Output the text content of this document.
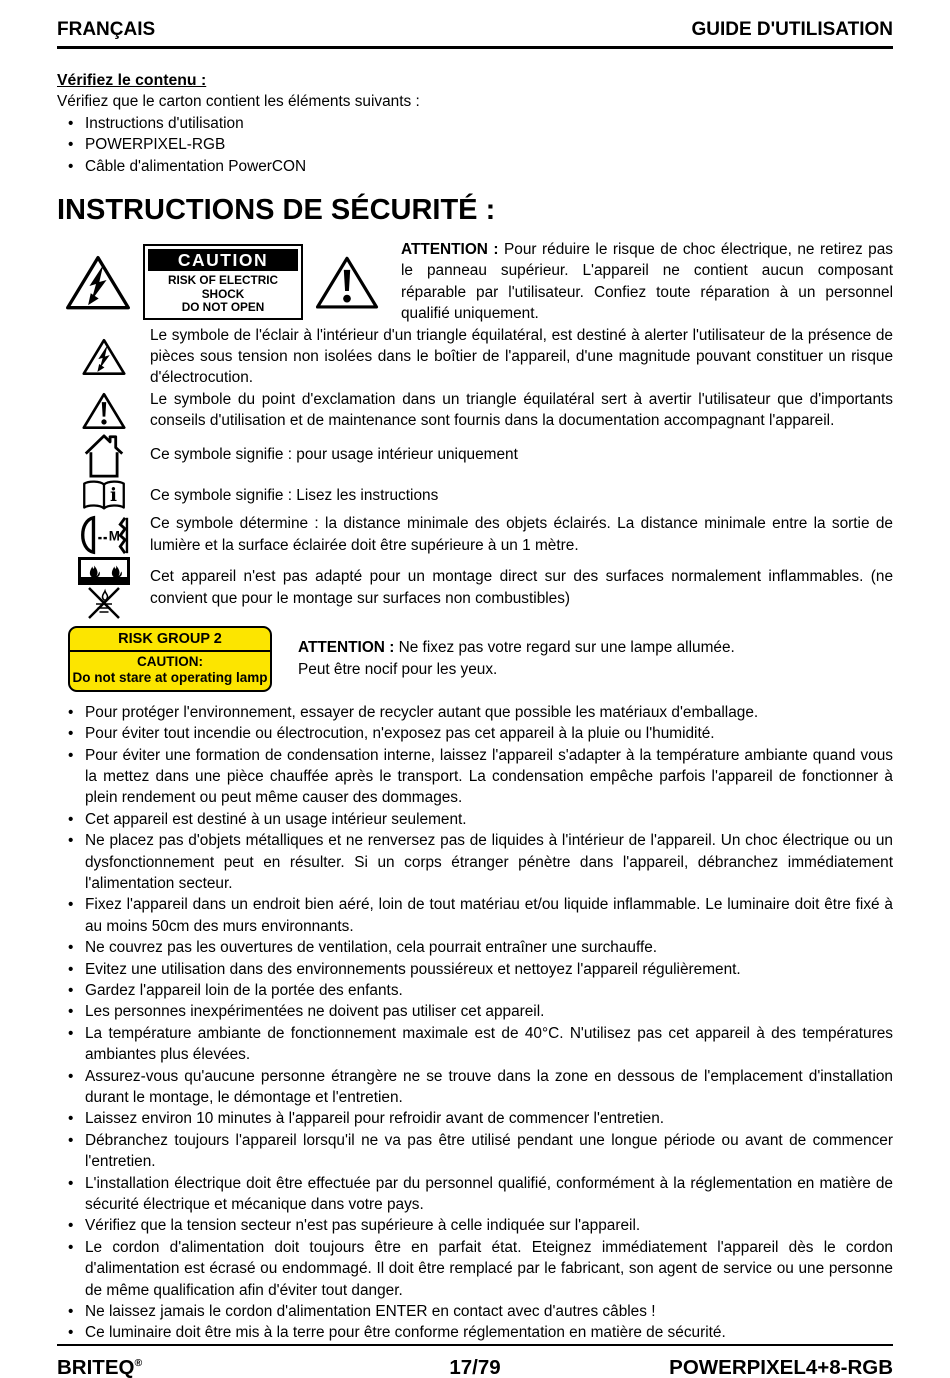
FRANÇAIS	GUIDE D'UTILISATION
Vérifiez le contenu :
Vérifiez que le carton contient les éléments suivants :
• Instructions d'utilisation
• POWERPIXEL-RGB
• Câble d'alimentation PowerCON
INSTRUCTIONS DE SÉCURITÉ :
CAUTION
RISK OF ELECTRIC SHOCK
DO NOT OPEN
ATTENTION : Pour réduire le risque de choc électrique, ne retirez pas le panneau supérieur. L'appareil ne contient aucun composant réparable par l'utilisateur. Confiez toute réparation à un personnel qualifié uniquement.
Le symbole de l'éclair à l'intérieur d'un triangle équilatéral, est destiné à alerter l'utilisateur de la présence de pièces sous tension non isolées dans le boîtier de l'appareil, d'une magnitude pouvant constituer un risque d'électrocution.
Le symbole du point d'exclamation dans un triangle équilatéral sert à avertir l'utilisateur que d'importants conseils d'utilisation et de maintenance sont fournis dans la documentation accompagnant l'appareil.
Ce symbole signifie : pour usage intérieur uniquement
i Ce symbole signifie : Lisez les instructions
M
Ce symbole détermine : la distance minimale des objets éclairés. La distance minimale entre la sortie de lumière et la surface éclairée doit être supérieure à un 1 mètre.
Cet appareil n'est pas adapté pour un montage direct sur des surfaces normalement inflammables. (ne convient que pour le montage sur surfaces non combustibles)
RISK GROUP 2
CAUTION:
Do not stare at operating lamp
ATTENTION : Ne fixez pas votre regard sur une lampe allumée.
Peut être nocif pour les yeux.
• Pour protéger l'environnement, essayer de recycler autant que possible les matériaux d'emballage.
• Pour éviter tout incendie ou électrocution, n'exposez pas cet appareil à la pluie ou l'humidité.
• Pour éviter une formation de condensation interne, laissez l'appareil s'adapter à la température ambiante quand vous la mettez dans une pièce chauffée après le transport. La condensation empêche parfois l'appareil de fonctionner à plein rendement ou peut même causer des dommages.
• Cet appareil est destiné à un usage intérieur seulement.
• Ne placez pas d'objets métalliques et ne renversez pas de liquides à l'intérieur de l'appareil. Un choc électrique ou un dysfonctionnement peut en résulter. Si un corps étranger pénètre dans l'appareil, débranchez immédiatement l'alimentation secteur.
• Fixez l'appareil dans un endroit bien aéré, loin de tout matériau et/ou liquide inflammable. Le luminaire doit être fixé à au moins 50cm des murs environnants.
• Ne couvrez pas les ouvertures de ventilation, cela pourrait entraîner une surchauffe.
• Evitez une utilisation dans des environnements poussiéreux et nettoyez l'appareil régulièrement.
• Gardez l'appareil loin de la portée des enfants.
• Les personnes inexpérimentées ne doivent pas utiliser cet appareil.
• La température ambiante de fonctionnement maximale est de 40°C. N'utilisez pas cet appareil à des températures ambiantes plus élevées.
• Assurez-vous qu'aucune personne étrangère ne se trouve dans la zone en dessous de l'emplacement d'installation durant le montage, le démontage et l'entretien.
• Laissez environ 10 minutes à l'appareil pour refroidir avant de commencer l'entretien.
• Débranchez toujours l'appareil lorsqu'il ne va pas être utilisé pendant une longue période ou avant de commencer l'entretien.
• L'installation électrique doit être effectuée par du personnel qualifié, conformément à la réglementation en matière de sécurité électrique et mécanique dans votre pays.
• Vérifiez que la tension secteur n'est pas supérieure à celle indiquée sur l'appareil.
• Le cordon d'alimentation doit toujours être en parfait état. Eteignez immédiatement l'appareil dès le cordon d'alimentation est écrasé ou endommagé. Il doit être remplacé par le fabricant, son agent de service ou une personne de même qualification afin d'éviter tout danger.
• Ne laissez jamais le cordon d'alimentation ENTER en contact avec d'autres câbles !
• Ce luminaire doit être mis à la terre pour être conforme réglementation en matière de sécurité.
BRITEQ®	17/79	POWERPIXEL4+8-RGB
